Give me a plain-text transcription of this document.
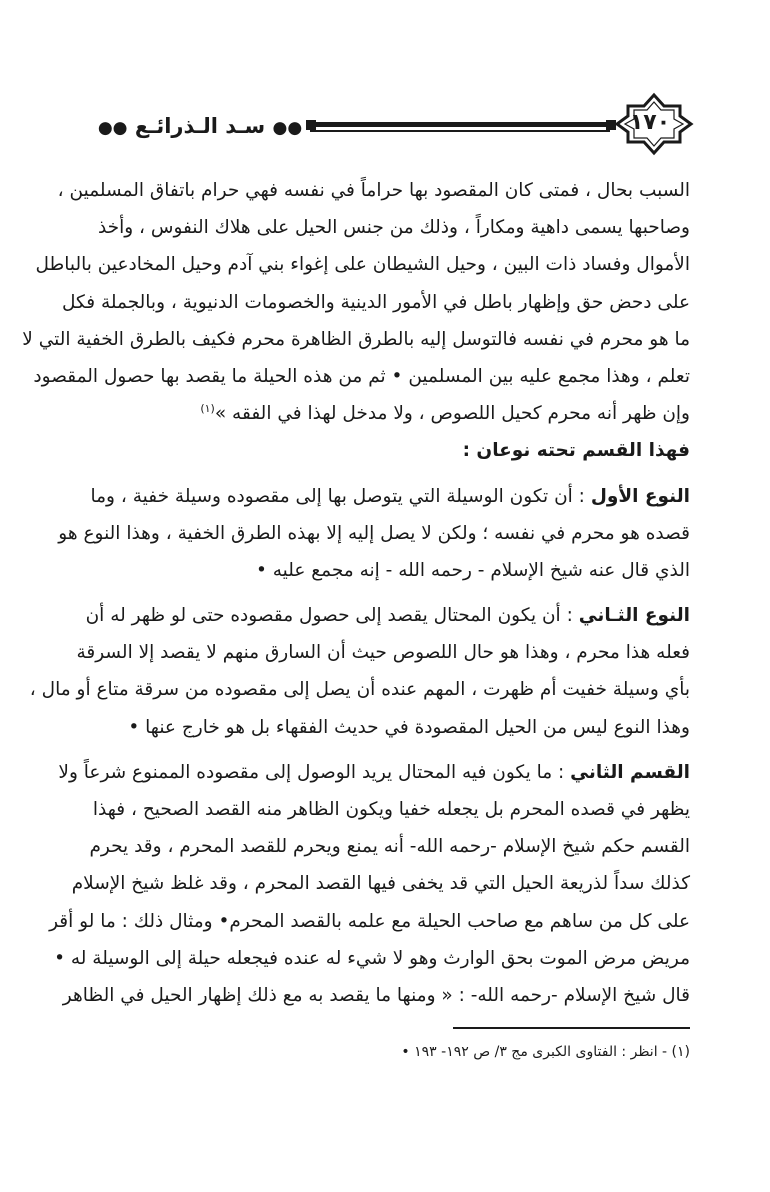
١٧٠
●● سـد الـذرائـع ●●
السبب بحال ، فمتى كان المقصود بها حراماً في نفسه فهي حرام باتفاق المسلمين ،
وصاحبها يسمى داهية ومكاراً ، وذلك من جنس الحيل على هلاك النفوس ، وأخذ
الأموال وفساد ذات البين ، وحيل الشيطان على إغواء بني آدم وحيل المخادعين بالباطل
على دحض حق وإظهار باطل في الأمور الدينية والخصومات الدنيوية ، وبالجملة فكل
ما هو محرم في نفسه فالتوسل إليه بالطرق الظاهرة محرم فكيف بالطرق الخفية التي لا
تعلم ، وهذا مجمع عليه بين المسلمين • ثم من هذه الحيلة ما يقصد بها حصول المقصود
وإن ظهر أنه محرم كحيل اللصوص ، ولا مدخل لهذا في الفقه »$^{(١)}$
فهذا القسم تحته نوعان :
النوع الأول : أن تكون الوسيلة التي يتوصل بها إلى مقصوده وسيلة خفية ، وما
قصده هو محرم في نفسه ؛ ولكن لا يصل إليه إلا بهذه الطرق الخفية ، وهذا النوع هو
الذي قال عنه شيخ الإسلام - رحمه الله - إنه مجمع عليه •
النوع الثـاني : أن يكون المحتال يقصد إلى حصول مقصوده حتى لو ظهر له أن
فعله هذا محرم ، وهذا هو حال اللصوص حيث أن السارق منهم لا يقصد إلا السرقة
بأي وسيلة خفيت أم ظهرت ، المهم عنده أن يصل إلى مقصوده من سرقة متاع أو مال ،
وهذا النوع ليس من الحيل المقصودة في حديث الفقهاء بل هو خارج عنها •
القسم الثاني : ما يكون فيه المحتال يريد الوصول إلى مقصوده الممنوع شرعاً ولا
يظهر في قصده المحرم بل يجعله خفيا ويكون الظاهر منه القصد الصحيح ، فهذا
القسم حكم شيخ الإسلام -رحمه الله- أنه يمنع ويحرم للقصد المحرم ، وقد يحرم
كذلك سداً لذريعة الحيل التي قد يخفى فيها القصد المحرم ، وقد غلظ شيخ الإسلام
على كل من ساهم مع صاحب الحيلة مع علمه بالقصد المحرم• ومثال ذلك : ما لو أقر
مريض مرض الموت بحق الوارث وهو لا شيء له عنده فيجعله حيلة إلى الوسيلة له •
قال شيخ الإسلام -رحمه الله- : « ومنها ما يقصد به مع ذلك إظهار الحيل في الظاهر
(١) - انظر : الفتاوى الكبرى مج ٣/ ص ١٩٢- ١٩٣ •
